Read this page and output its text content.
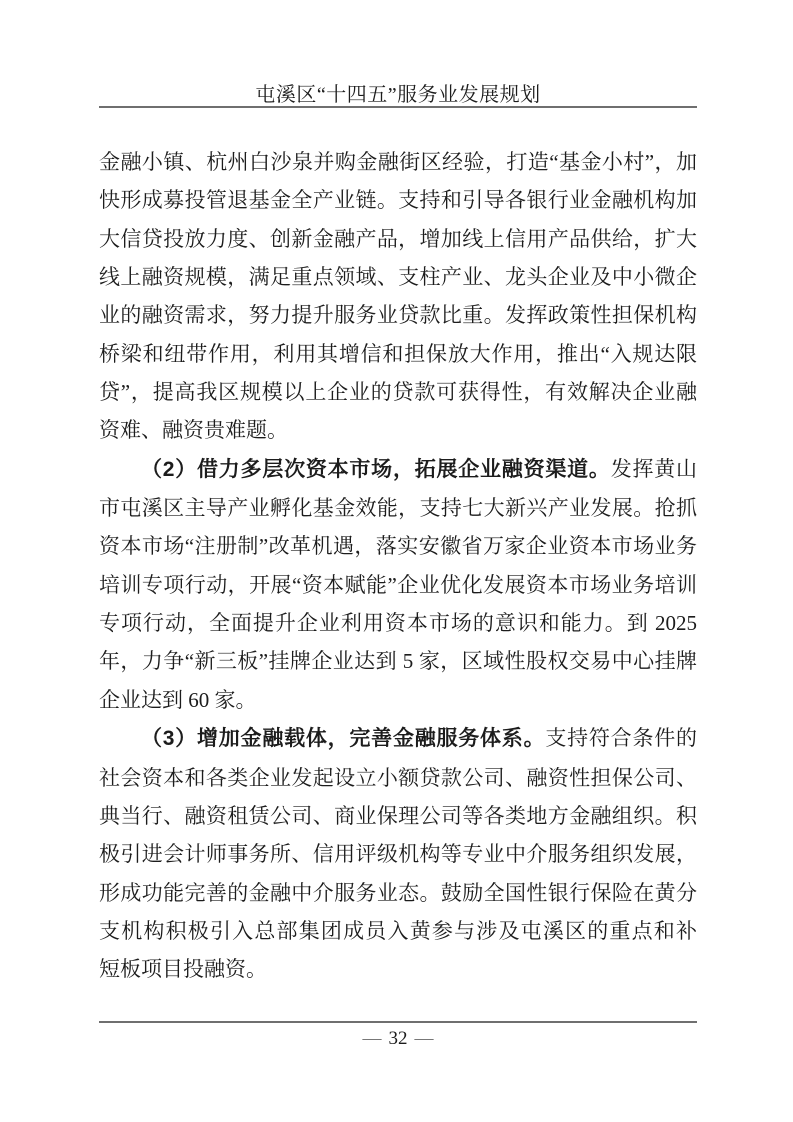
屯溪区“十四五”服务业发展规划
金融小镇、杭州白沙泉并购金融街区经验，打造“基金小村”，加
快形成募投管退基金全产业链。支持和引导各银行业金融机构加
大信贷投放力度、创新金融产品，增加线上信用产品供给，扩大
线上融资规模，满足重点领域、支柱产业、龙头企业及中小微企
业的融资需求，努力提升服务业贷款比重。发挥政策性担保机构
桥梁和纽带作用，利用其增信和担保放大作用，推出“入规达限
贷”，提高我区规模以上企业的贷款可获得性，有效解决企业融
资难、融资贵难题。
（2）借力多层次资本市场，拓展企业融资渠道。发挥黄山
市屯溪区主导产业孵化基金效能，支持七大新兴产业发展。抢抓
资本市场“注册制”改革机遇，落实安徽省万家企业资本市场业务
培训专项行动，开展“资本赋能”企业优化发展资本市场业务培训
专项行动，全面提升企业利用资本市场的意识和能力。到 2025
年，力争“新三板”挂牌企业达到 5 家，区域性股权交易中心挂牌
企业达到 60 家。
（3）增加金融载体，完善金融服务体系。支持符合条件的
社会资本和各类企业发起设立小额贷款公司、融资性担保公司、
典当行、融资租赁公司、商业保理公司等各类地方金融组织。积
极引进会计师事务所、信用评级机构等专业中介服务组织发展，
形成功能完善的金融中介服务业态。鼓励全国性银行保险在黄分
支机构积极引入总部集团成员入黄参与涉及屯溪区的重点和补
短板项目投融资。
— 32 —
